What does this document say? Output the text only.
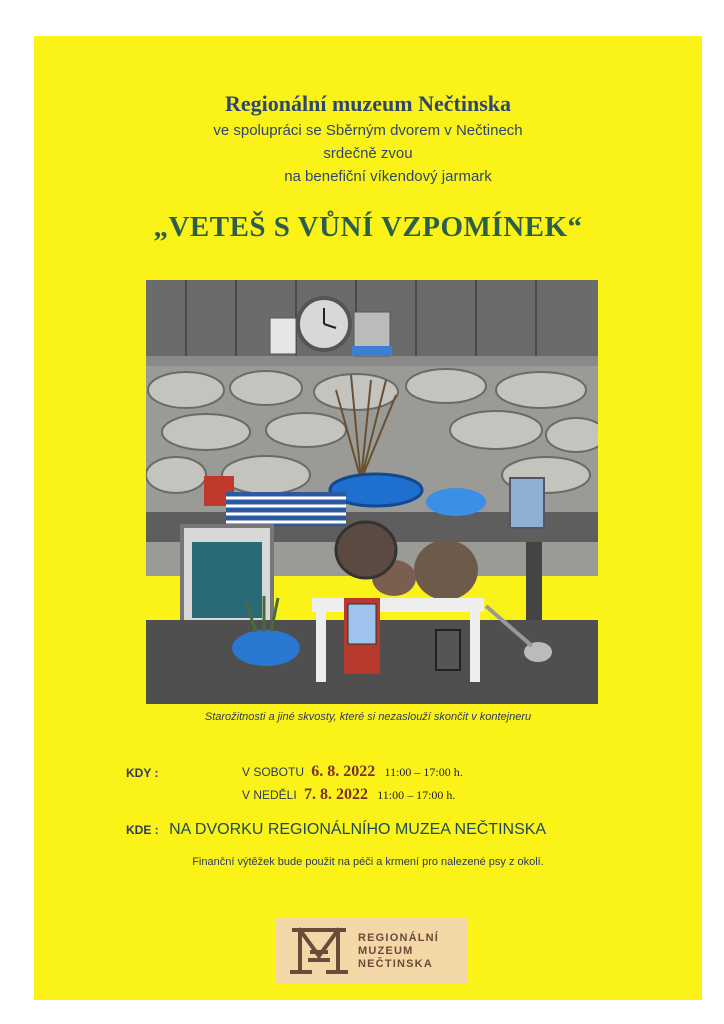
Regionální muzeum Nečtinska
ve spolupráci se Sběrným dvorem v Nečtinech
srdečně zvou
na benefiční víkendový jarmark
„VETEŠ S VŮNÍ VZPOMÍNEK“
Starožitnosti a jiné skvosty, které si nezaslouží skončit v kontejneru
KDY :	V SOBOTU 6. 8. 2022 11:00 – 17:00 h.
V NEDĚLI 7. 8. 2022 11:00 – 17:00 h.
KDE : NA DVORKU REGIONÁLNÍHO MUZEA NEČTINSKA
Finanční výtěžek bude použit na péči a krmení pro nalezené psy z okolí.
REGIONÁLNÍ
MUZEUM
NEČTINSKA
